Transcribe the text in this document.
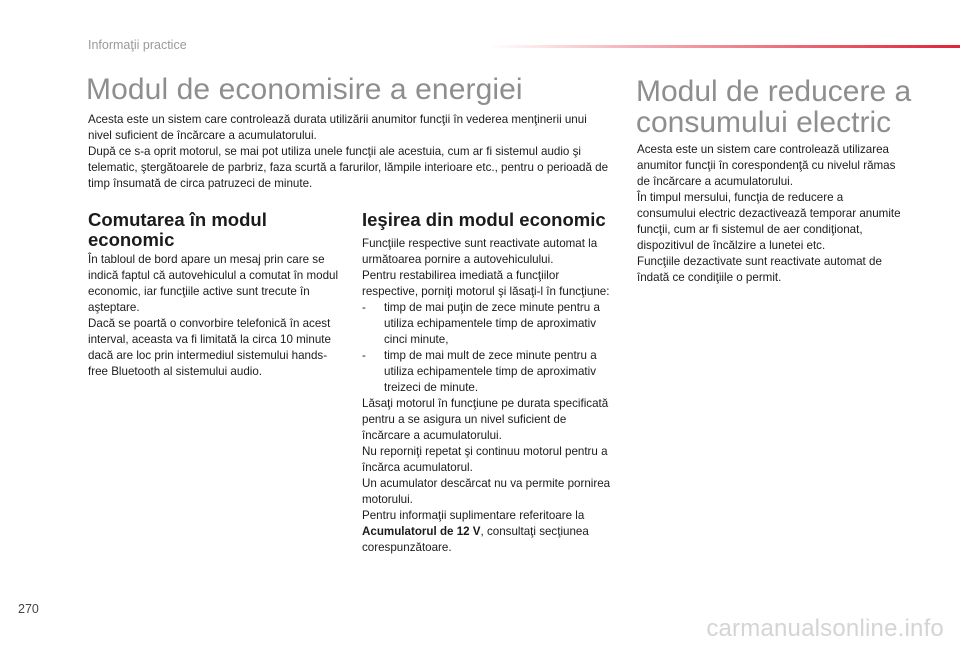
Informaţii practice
Modul de economisire a energiei

Acesta este un sistem care controlează durata utilizării anumitor funcţii în vederea menţinerii unui nivel suficient de încărcare a acumulatorului.

După ce s-a oprit motorul, se mai pot utiliza unele funcţii ale acestuia, cum ar fi sistemul audio şi telematic, ştergătoarele de parbriz, faza scurtă a farurilor, lămpile interioare etc., pentru o perioadă de timp însumată de circa patruzeci de minute.

Comutarea în modul economic

În tabloul de bord apare un mesaj prin care se indică faptul că autovehiculul a comutat în modul economic, iar funcţiile active sunt trecute în aşteptare.

Dacă se poartă o convorbire telefonică în acest interval, aceasta va fi limitată la circa 10 minute dacă are loc prin intermediul sistemului hands-free Bluetooth al sistemului audio.

Ieşirea din modul economic

Funcţiile respective sunt reactivate automat la următoarea pornire a autovehiculului.

Pentru restabilirea imediată a funcţiilor respective, porniţi motorul şi lăsaţi-l în funcţiune:

-	timp de mai puţin de zece minute pentru a utiliza echipamentele timp de aproximativ cinci minute,
-	timp de mai mult de zece minute pentru a utiliza echipamentele timp de aproximativ treizeci de minute.

Lăsaţi motorul în funcţiune pe durata specificată pentru a se asigura un nivel suficient de încărcare a acumulatorului.

Nu reporniţi repetat şi continuu motorul pentru a încărca acumulatorul.

Un acumulator descărcat nu va permite pornirea motorului.

Pentru informaţii suplimentare referitoare la Acumulatorul de 12 V, consultaţi secţiunea corespunzătoare.

Modul de reducere a consumului electric

Acesta este un sistem care controlează utilizarea anumitor funcţii în corespondenţă cu nivelul rămas de încărcare a acumulatorului.

În timpul mersului, funcţia de reducere a consumului electric dezactivează temporar anumite funcţii, cum ar fi sistemul de aer condiţionat, dispozitivul de încălzire a lunetei etc.

Funcţiile dezactivate sunt reactivate automat de îndată ce condiţiile o permit.

270
carmanualsonline.info
